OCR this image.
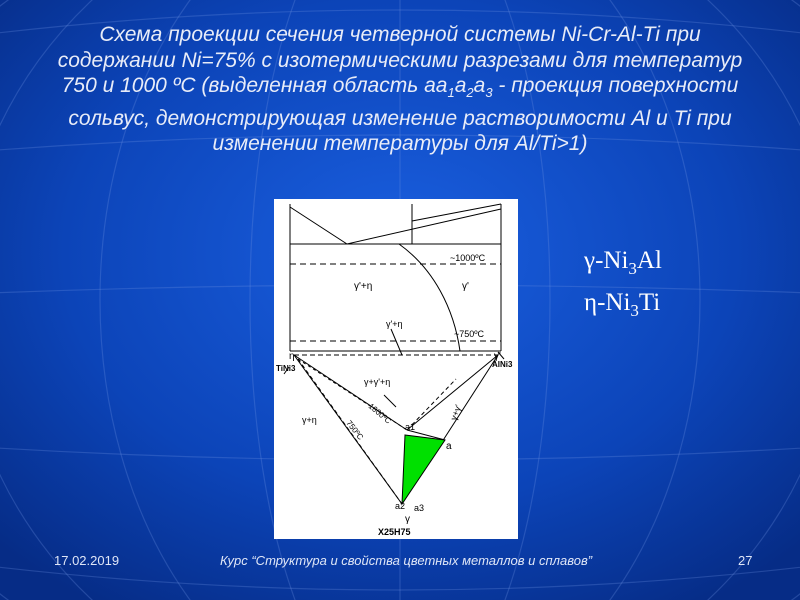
Схема проекции сечения четверной системы Ni-Cr-Al-Ti при
содержании Ni=75% с изотермическими разрезами для температур
750 и 1000 ºС (выделенная область $аа_1а_2а_3$ - проекция поверхности
сольвус, демонстрирующая изменение растворимости Al и Ti при
изменении температуры для Al/Ti>1)
~1000ºC
~750ºC
γ'+η	γ'
γ'+η
η
TiNi3
γ'
AlNi3
γ+γ'+η
1000ºC
750ºC
γ+η	γ+γ'
a1
a
a2 a3
γ
X25H75
$\gamma-Ni_3Al$
$\eta-Ni_3Ti$
17.02.2019	Курс “Структура и свойства цветных металлов и сплавов”	27
